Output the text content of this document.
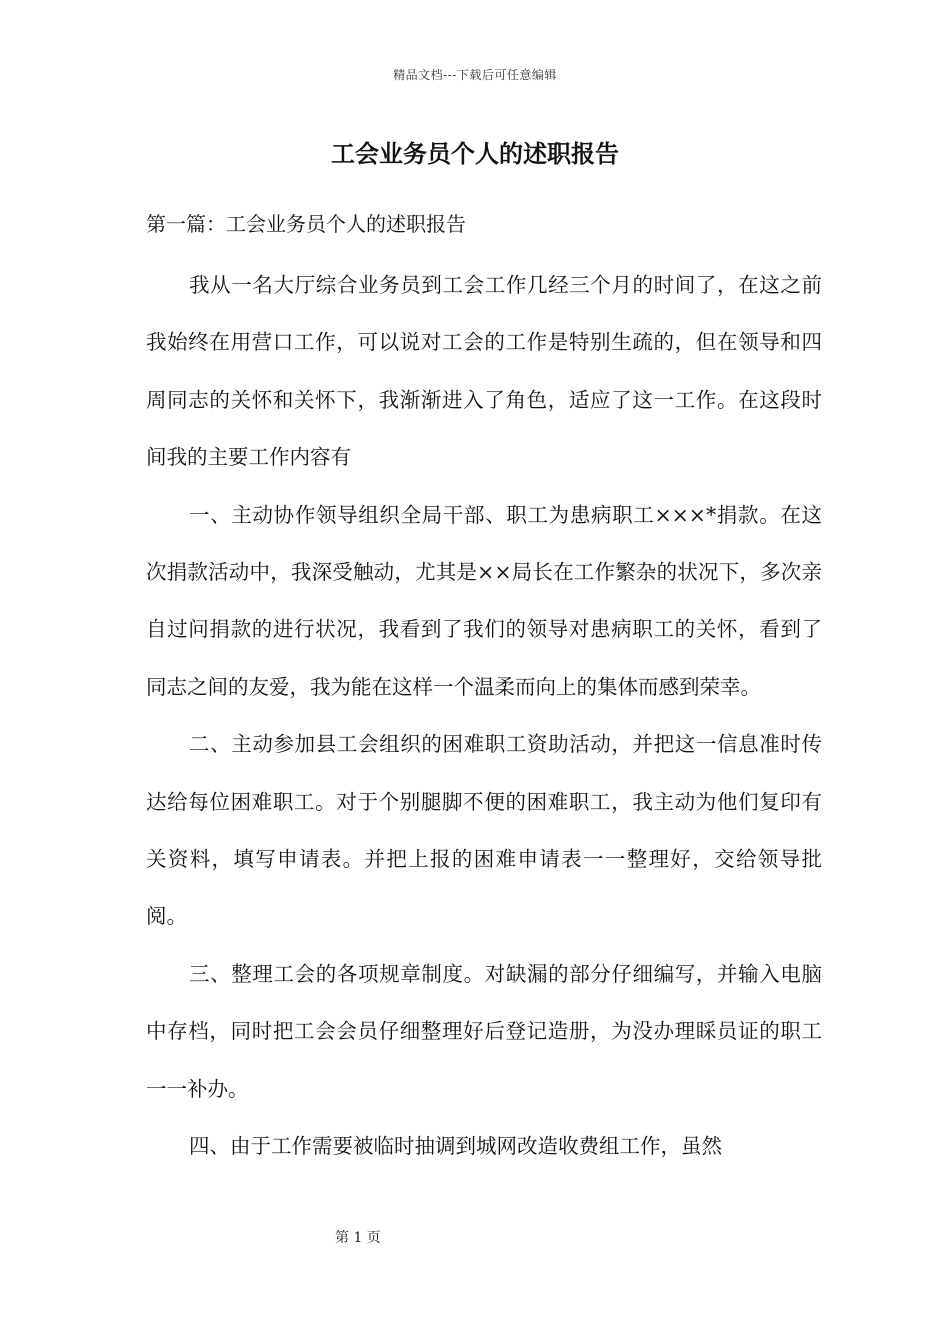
精品文档---下载后可任意编辑
工会业务员个人的述职报告
第一篇：工会业务员个人的述职报告

我从一名大厅综合业务员到工会工作几经三个月的时间了，在这之前我始终在用营口工作，可以说对工会的工作是特别生疏的，但在领导和四周同志的关怀和关怀下，我渐渐进入了角色，适应了这一工作。在这段时间我的主要工作内容有

一、主动协作领导组织全局干部、职工为患病职工×××*捐款。在这次捐款活动中，我深受触动，尤其是××局长在工作繁杂的状况下，多次亲自过问捐款的进行状况，我看到了我们的领导对患病职工的关怀，看到了同志之间的友爱，我为能在这样一个温柔而向上的集体而感到荣幸。

二、主动参加县工会组织的困难职工资助活动，并把这一信息准时传达给每位困难职工。对于个别腿脚不便的困难职工，我主动为他们复印有关资料，填写申请表。并把上报的困难申请表一一整理好，交给领导批阅。

三、整理工会的各项规章制度。对缺漏的部分仔细编写，并输入电脑中存档，同时把工会会员仔细整理好后登记造册，为没办理睬员证的职工一一补办。

四、由于工作需要被临时抽调到城网改造收费组工作，虽然

第 1 页
